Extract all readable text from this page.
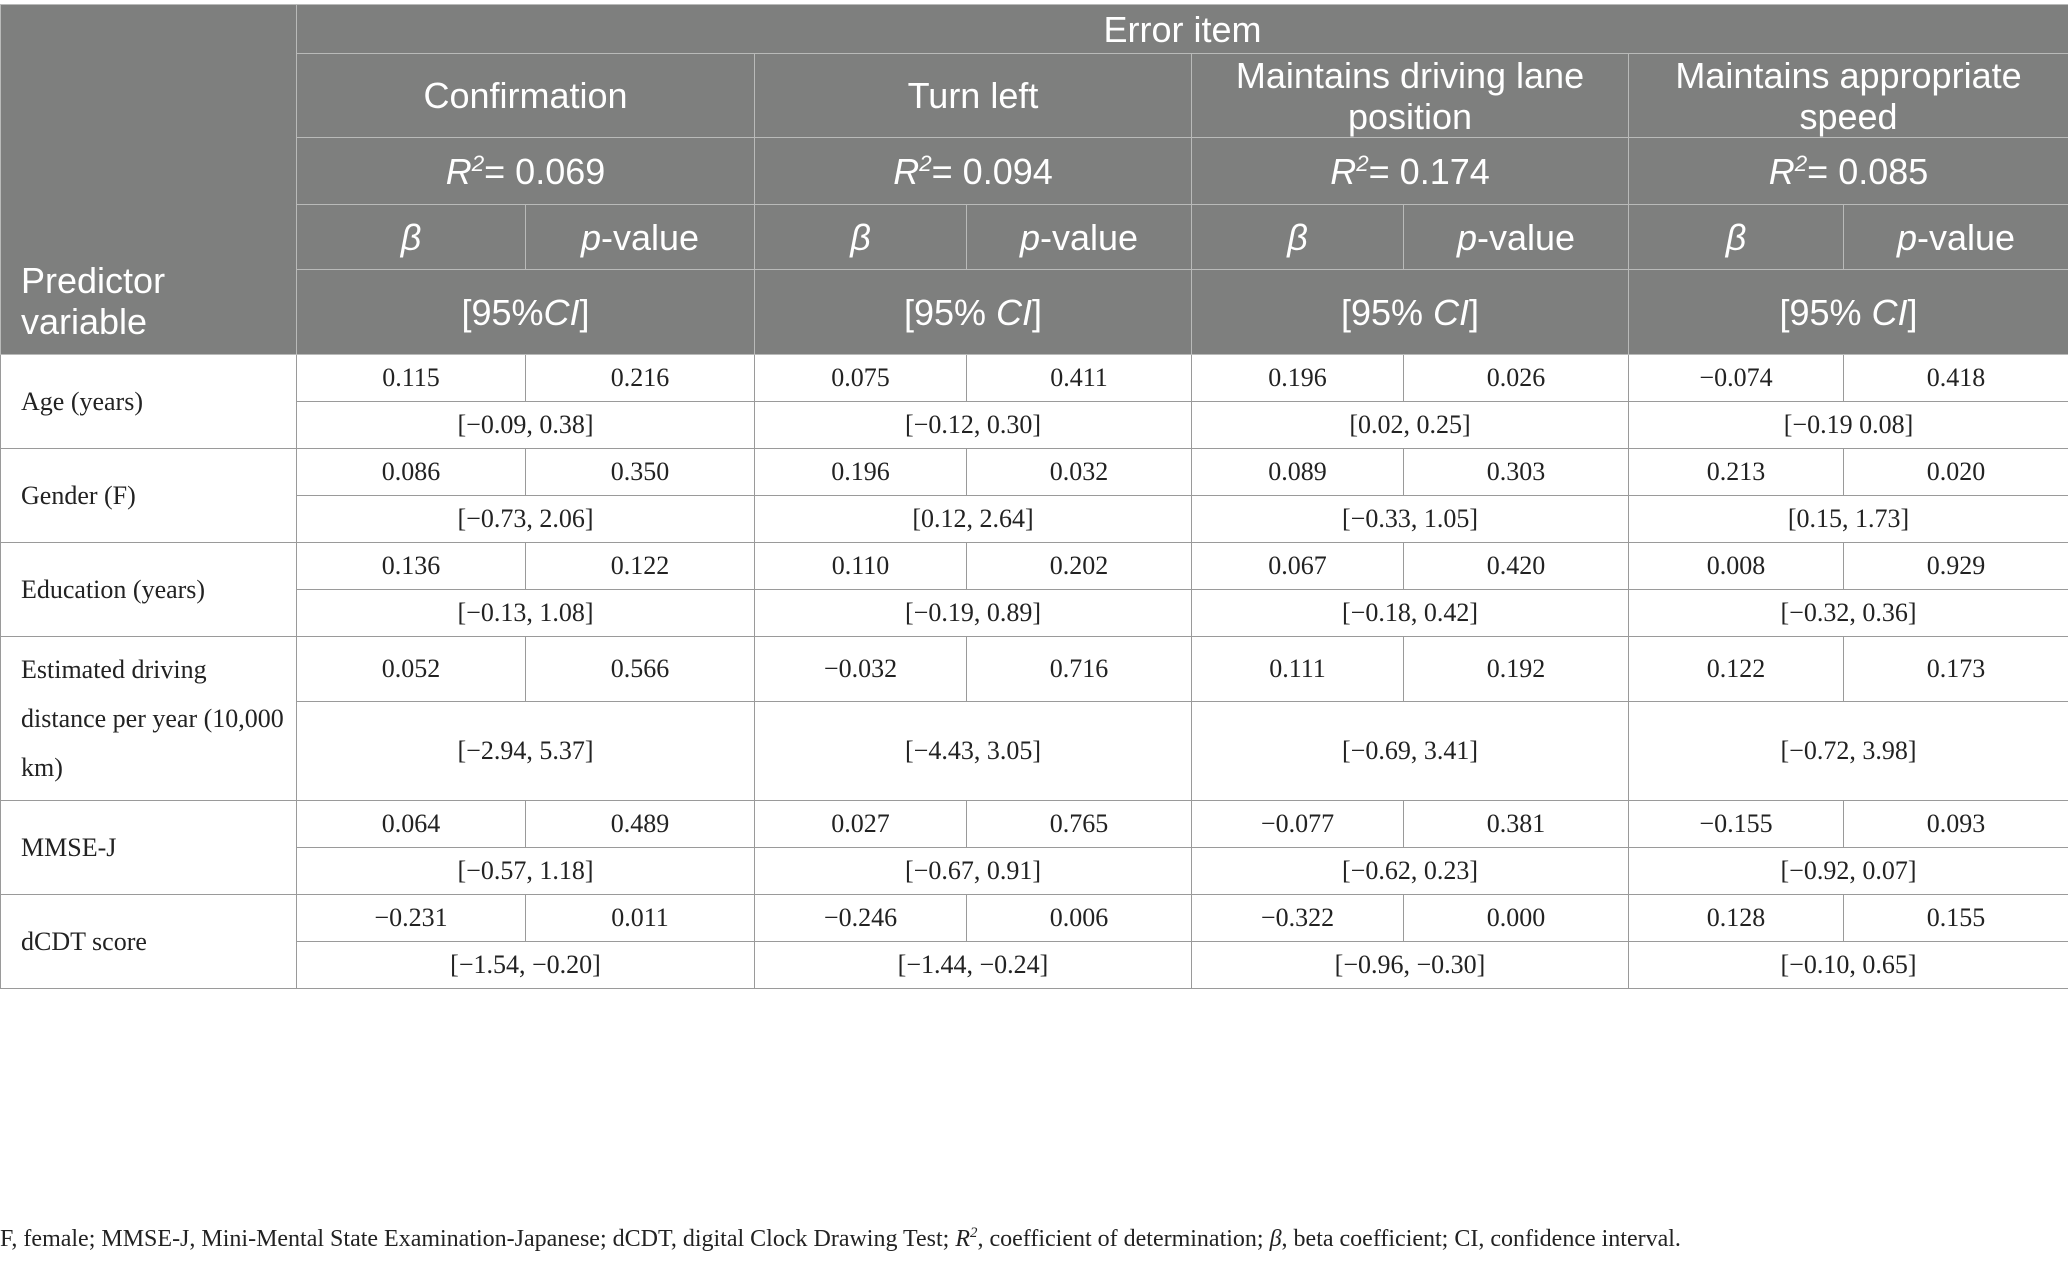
Predictor variable	Error item							
	Confirmation		Turn left		Maintains driving lane position		Maintains appropriate speed	
	$R^2= 0.069$		$R^2= 0.094$		$R^2= 0.174$		$R^2= 0.085$	
	β	p-value	β	p-value	β	p-value	β	p-value
	[95%CI]		[95% CI]		[95% CI]		[95% CI]	
Age (years)	0.115	0.216	0.075	0.411	0.196	0.026	−0.074	0.418
	[−0.09, 0.38]		[−0.12, 0.30]		[0.02, 0.25]		[−0.19 0.08]	
Gender (F)	0.086	0.350	0.196	0.032	0.089	0.303	0.213	0.020
	[−0.73, 2.06]		[0.12, 2.64]		[−0.33, 1.05]		[0.15, 1.73]	
Education (years)	0.136	0.122	0.110	0.202	0.067	0.420	0.008	0.929
	[−0.13, 1.08]		[−0.19, 0.89]		[−0.18, 0.42]		[−0.32, 0.36]	
Estimated driving distance per year (10,000 km)	0.052	0.566	−0.032	0.716	0.111	0.192	0.122	0.173
	[−2.94, 5.37]		[−4.43, 3.05]		[−0.69, 3.41]		[−0.72, 3.98]	
MMSE-J	0.064	0.489	0.027	0.765	−0.077	0.381	−0.155	0.093
	[−0.57, 1.18]		[−0.67, 0.91]		[−0.62, 0.23]		[−0.92, 0.07]	
dCDT score	−0.231	0.011	−0.246	0.006	−0.322	0.000	0.128	0.155
	[−1.54, −0.20]		[−1.44, −0.24]		[−0.96, −0.30]		[−0.10, 0.65]	
F, female; MMSE-J, Mini-Mental State Examination-Japanese; dCDT, digital Clock Drawing Test; $R^2$, coefficient of determination; β, beta coefficient; CI, confidence interval.
